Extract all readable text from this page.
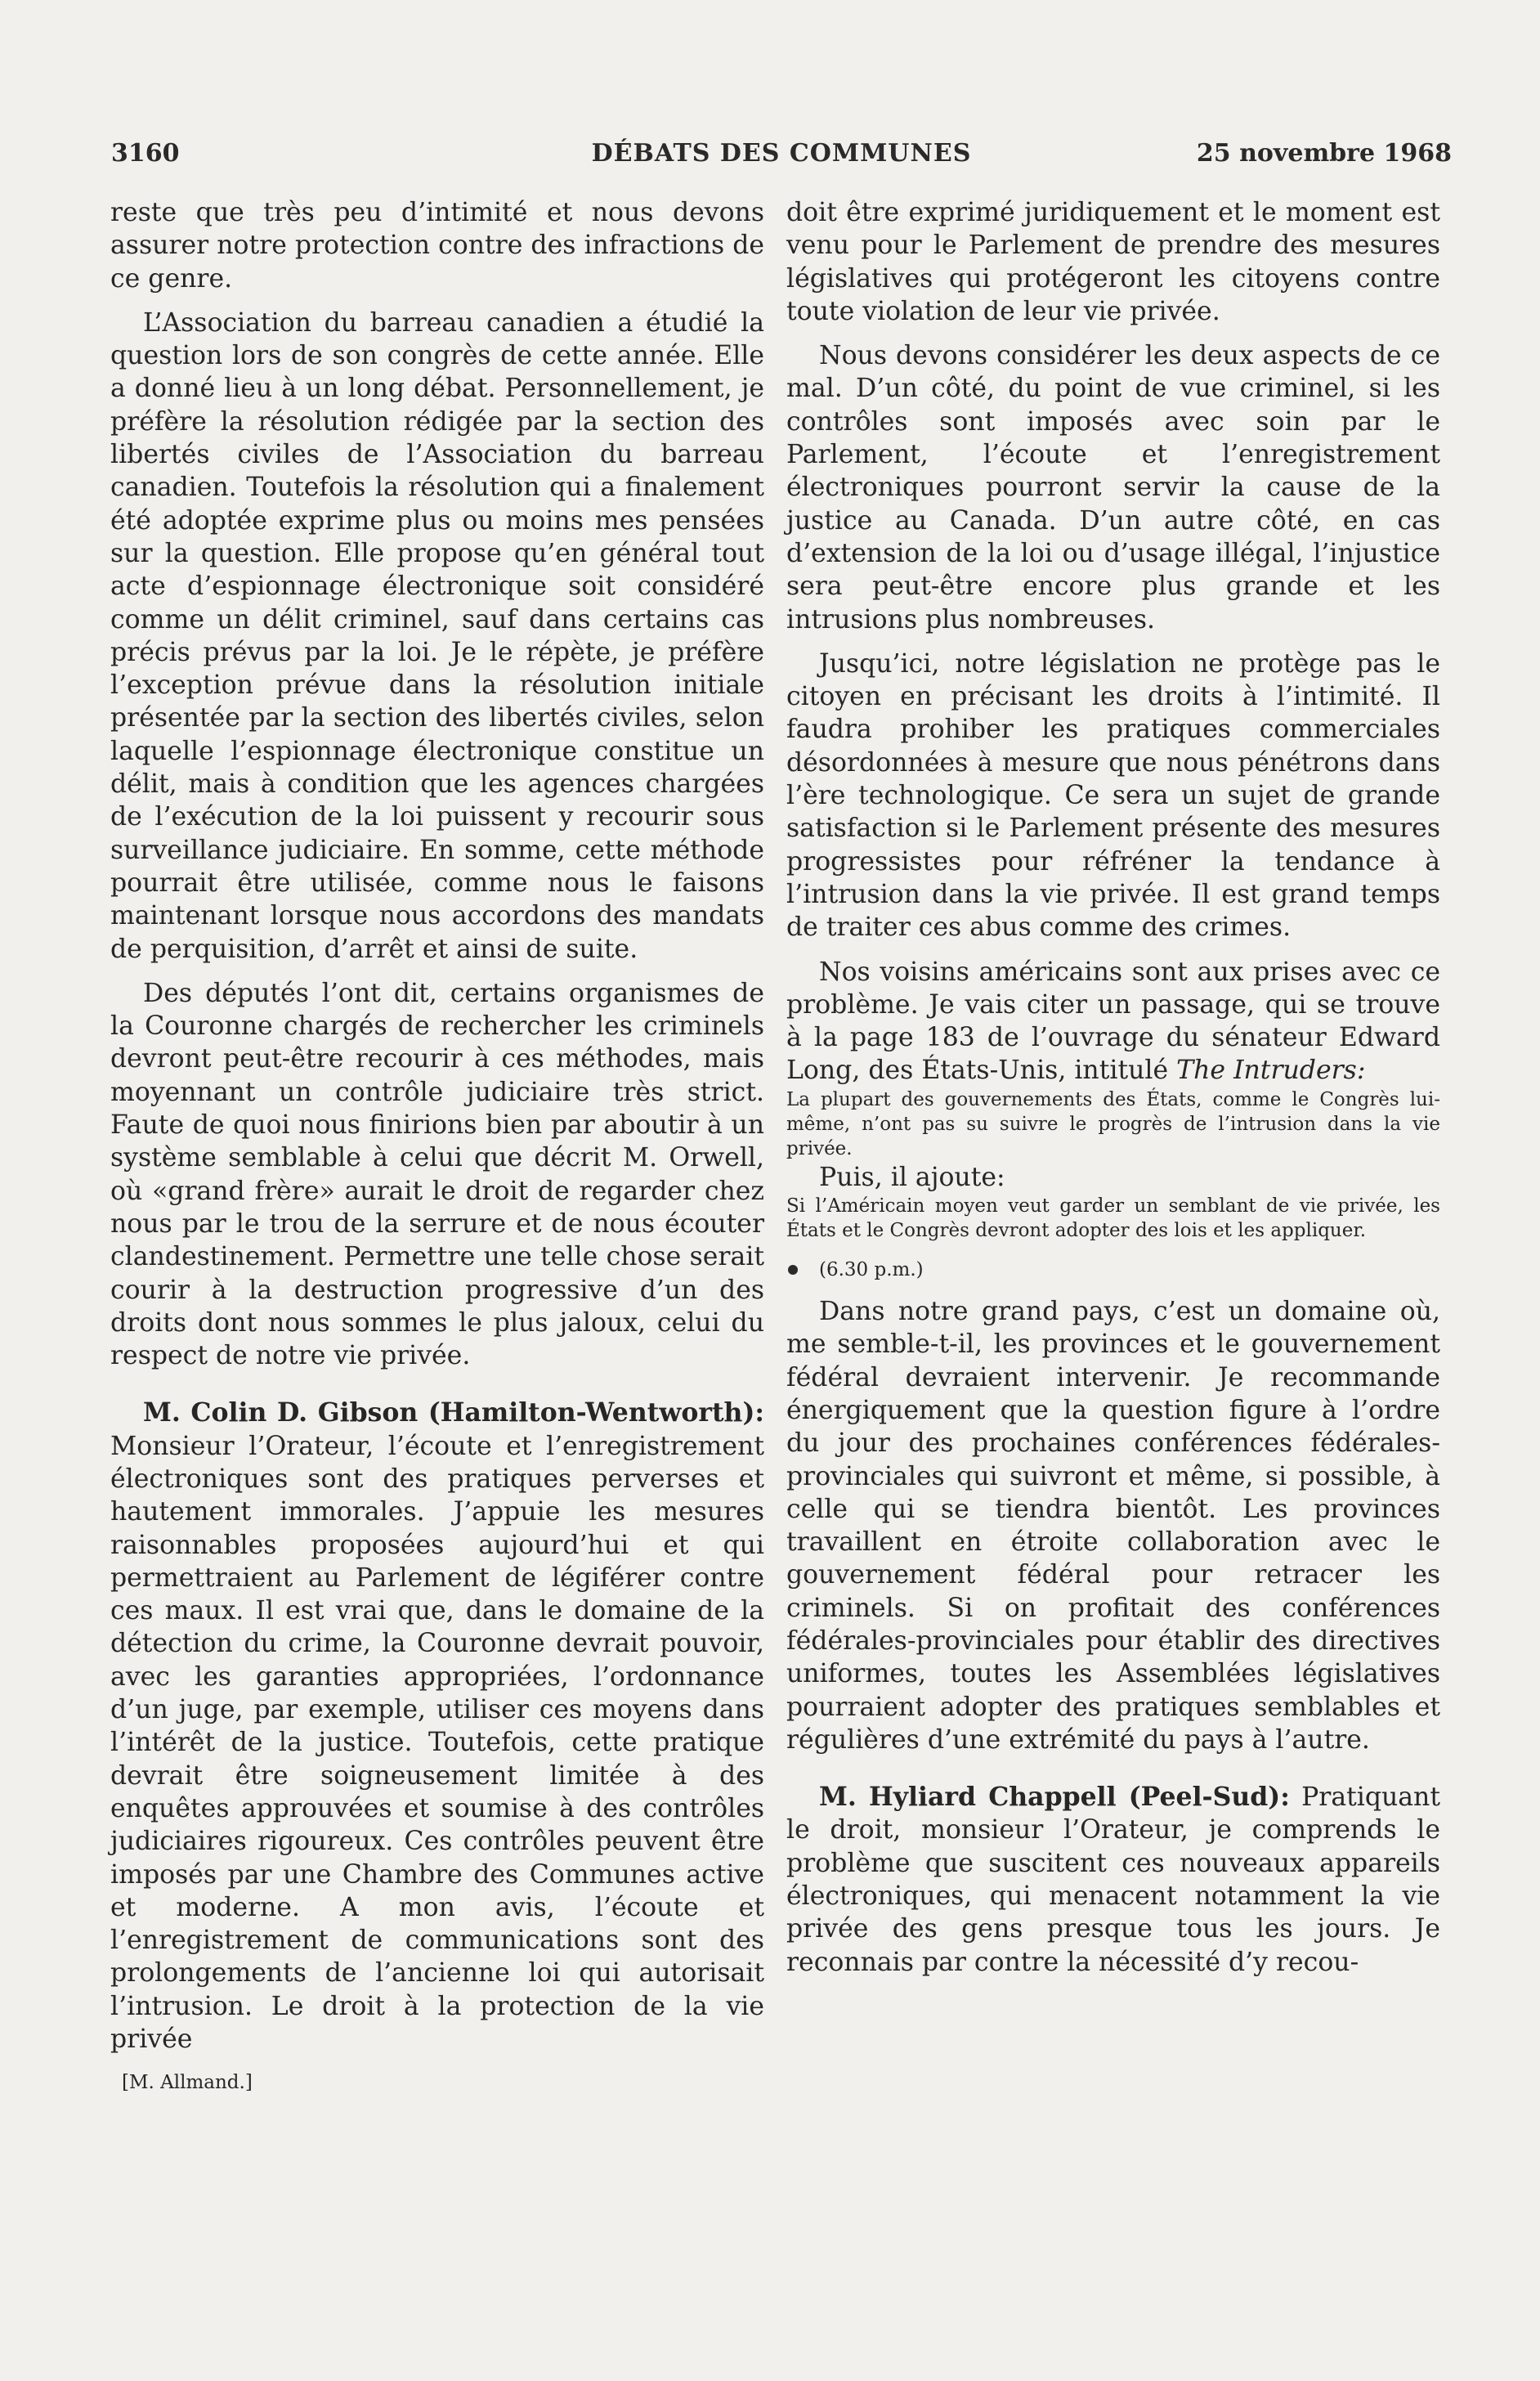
3160	DÉBATS DES COMMUNES	25 novembre 1968

reste que très peu d’intimité et nous devons assurer notre protection contre des infractions de ce genre.

L’Association du barreau canadien a étudié la question lors de son congrès de cette année. Elle a donné lieu à un long débat. Personnellement, je préfère la résolution rédigée par la section des libertés civiles de l’Association du barreau canadien. Toutefois la résolution qui a finalement été adoptée exprime plus ou moins mes pensées sur la question. Elle propose qu’en général tout acte d’espionnage électronique soit considéré comme un délit criminel, sauf dans certains cas précis prévus par la loi. Je le répète, je préfère l’exception prévue dans la résolution initiale présentée par la section des libertés civiles, selon laquelle l’espionnage électronique constitue un délit, mais à condition que les agences chargées de l’exécution de la loi puissent y recourir sous surveillance judiciaire. En somme, cette méthode pourrait être utilisée, comme nous le faisons maintenant lorsque nous accordons des mandats de perquisition, d’arrêt et ainsi de suite.

Des députés l’ont dit, certains organismes de la Couronne chargés de rechercher les criminels devront peut-être recourir à ces méthodes, mais moyennant un contrôle judiciaire très strict. Faute de quoi nous finirions bien par aboutir à un système semblable à celui que décrit M. Orwell, où «grand frère» aurait le droit de regarder chez nous par le trou de la serrure et de nous écouter clandestinement. Permettre une telle chose serait courir à la destruction progressive d’un des droits dont nous sommes le plus jaloux, celui du respect de notre vie privée.

M. Colin D. Gibson (Hamilton-Wentworth): Monsieur l’Orateur, l’écoute et l’enregistrement électroniques sont des pratiques perverses et hautement immorales. J’appuie les mesures raisonnables proposées aujourd’hui et qui permettraient au Parlement de légiférer contre ces maux. Il est vrai que, dans le domaine de la détection du crime, la Couronne devrait pouvoir, avec les garanties appropriées, l’ordonnance d’un juge, par exemple, utiliser ces moyens dans l’intérêt de la justice. Toutefois, cette pratique devrait être soigneusement limitée à des enquêtes approuvées et soumise à des contrôles judiciaires rigoureux. Ces contrôles peuvent être imposés par une Chambre des Communes active et moderne. A mon avis, l’écoute et l’enregistrement de communications sont des prolongements de l’ancienne loi qui autorisait l’intrusion. Le droit à la protection de la vie privée

[M. Allmand.]

doit être exprimé juridiquement et le moment est venu pour le Parlement de prendre des mesures législatives qui protégeront les citoyens contre toute violation de leur vie privée.

Nous devons considérer les deux aspects de ce mal. D’un côté, du point de vue criminel, si les contrôles sont imposés avec soin par le Parlement, l’écoute et l’enregistrement électroniques pourront servir la cause de la justice au Canada. D’un autre côté, en cas d’extension de la loi ou d’usage illégal, l’injustice sera peut-être encore plus grande et les intrusions plus nombreuses.

Jusqu’ici, notre législation ne protège pas le citoyen en précisant les droits à l’intimité. Il faudra prohiber les pratiques commerciales désordonnées à mesure que nous pénétrons dans l’ère technologique. Ce sera un sujet de grande satisfaction si le Parlement présente des mesures progressistes pour réfréner la tendance à l’intrusion dans la vie privée. Il est grand temps de traiter ces abus comme des crimes.

Nos voisins américains sont aux prises avec ce problème. Je vais citer un passage, qui se trouve à la page 183 de l’ouvrage du sénateur Edward Long, des États-Unis, intitulé The Intruders:

La plupart des gouvernements des États, comme le Congrès lui-même, n’ont pas su suivre le progrès de l’intrusion dans la vie privée.

Puis, il ajoute:

Si l’Américain moyen veut garder un semblant de vie privée, les États et le Congrès devront adopter des lois et les appliquer.

(6.30 p.m.)

Dans notre grand pays, c’est un domaine où, me semble-t-il, les provinces et le gouvernement fédéral devraient intervenir. Je recommande énergiquement que la question figure à l’ordre du jour des prochaines conférences fédérales-provinciales qui suivront et même, si possible, à celle qui se tiendra bientôt. Les provinces travaillent en étroite collaboration avec le gouvernement fédéral pour retracer les criminels. Si on profitait des conférences fédérales-provinciales pour établir des directives uniformes, toutes les Assemblées législatives pourraient adopter des pratiques semblables et régulières d’une extrémité du pays à l’autre.

M. Hyliard Chappell (Peel-Sud): Pratiquant le droit, monsieur l’Orateur, je comprends le problème que suscitent ces nouveaux appareils électroniques, qui menacent notamment la vie privée des gens presque tous les jours. Je reconnais par contre la nécessité d’y recou-
